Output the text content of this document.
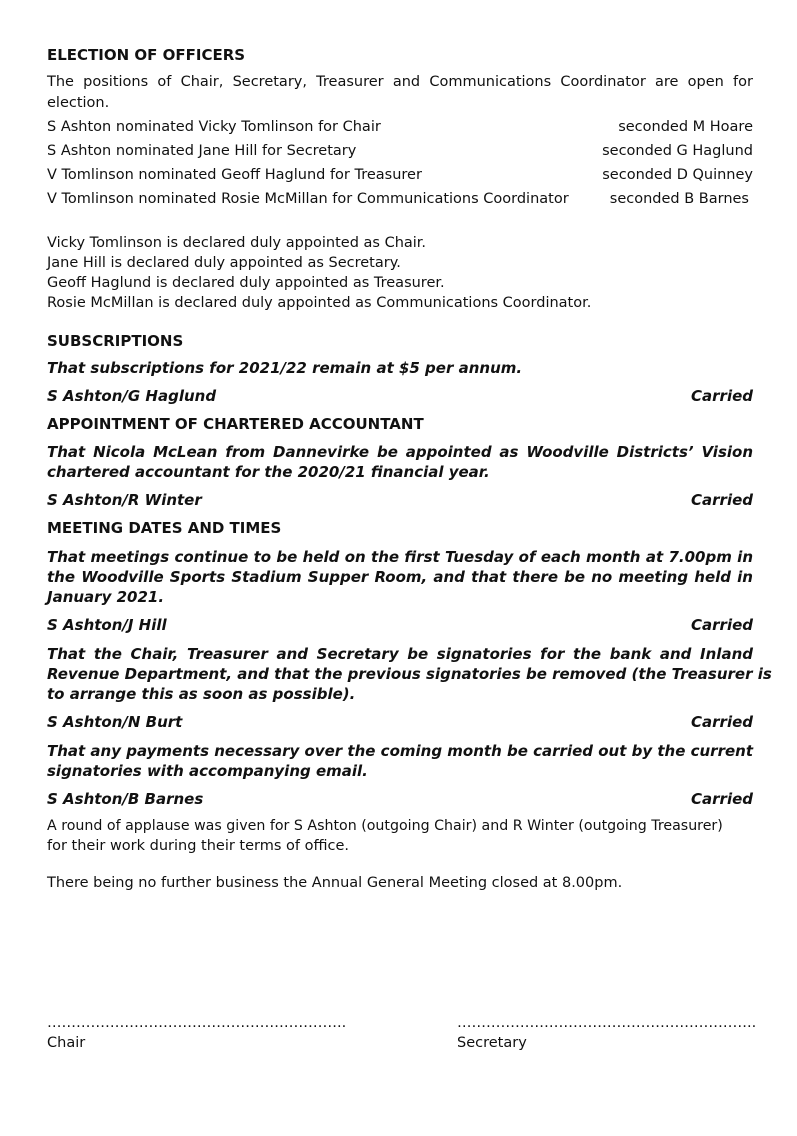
ELECTION OF OFFICERS
The positions of Chair, Secretary, Treasurer and Communications Coordinator are open for
election.
S Ashton nominated Vicky Tomlinson for Chair	seconded M Hoare
S Ashton nominated Jane Hill for Secretary	seconded G Haglund
V Tomlinson nominated Geoff Haglund for Treasurer	seconded D Quinney
V Tomlinson nominated Rosie McMillan for Communications Coordinator	seconded B Barnes
Vicky Tomlinson is declared duly appointed as Chair.
Jane Hill is declared duly appointed as Secretary.
Geoff Haglund is declared duly appointed as Treasurer.
Rosie McMillan is declared duly appointed as Communications Coordinator.
SUBSCRIPTIONS
That subscriptions for 2021/22 remain at $5 per annum.
S Ashton/G Haglund	Carried
APPOINTMENT OF CHARTERED ACCOUNTANT
That Nicola McLean from Dannevirke be appointed as Woodville Districts’ Vision
chartered accountant for the 2020/21 financial year.
S Ashton/R Winter	Carried
MEETING DATES AND TIMES
That meetings continue to be held on the first Tuesday of each month at 7.00pm in
the Woodville Sports Stadium Supper Room, and that there be no meeting held in
January 2021.
S Ashton/J Hill	Carried
That the Chair, Treasurer and Secretary be signatories for the bank and Inland
Revenue Department, and that the previous signatories be removed (the Treasurer is
to arrange this as soon as possible).
S Ashton/N Burt	Carried
That any payments necessary over the coming month be carried out by the current
signatories with accompanying email.
S Ashton/B Barnes	Carried
A round of applause was given for S Ashton (outgoing Chair) and R Winter (outgoing Treasurer)
for their work during their terms of office.
There being no further business the Annual General Meeting closed at 8.00pm.
……………………………………………………..
Chair
……………………………………………………..
Secretary
